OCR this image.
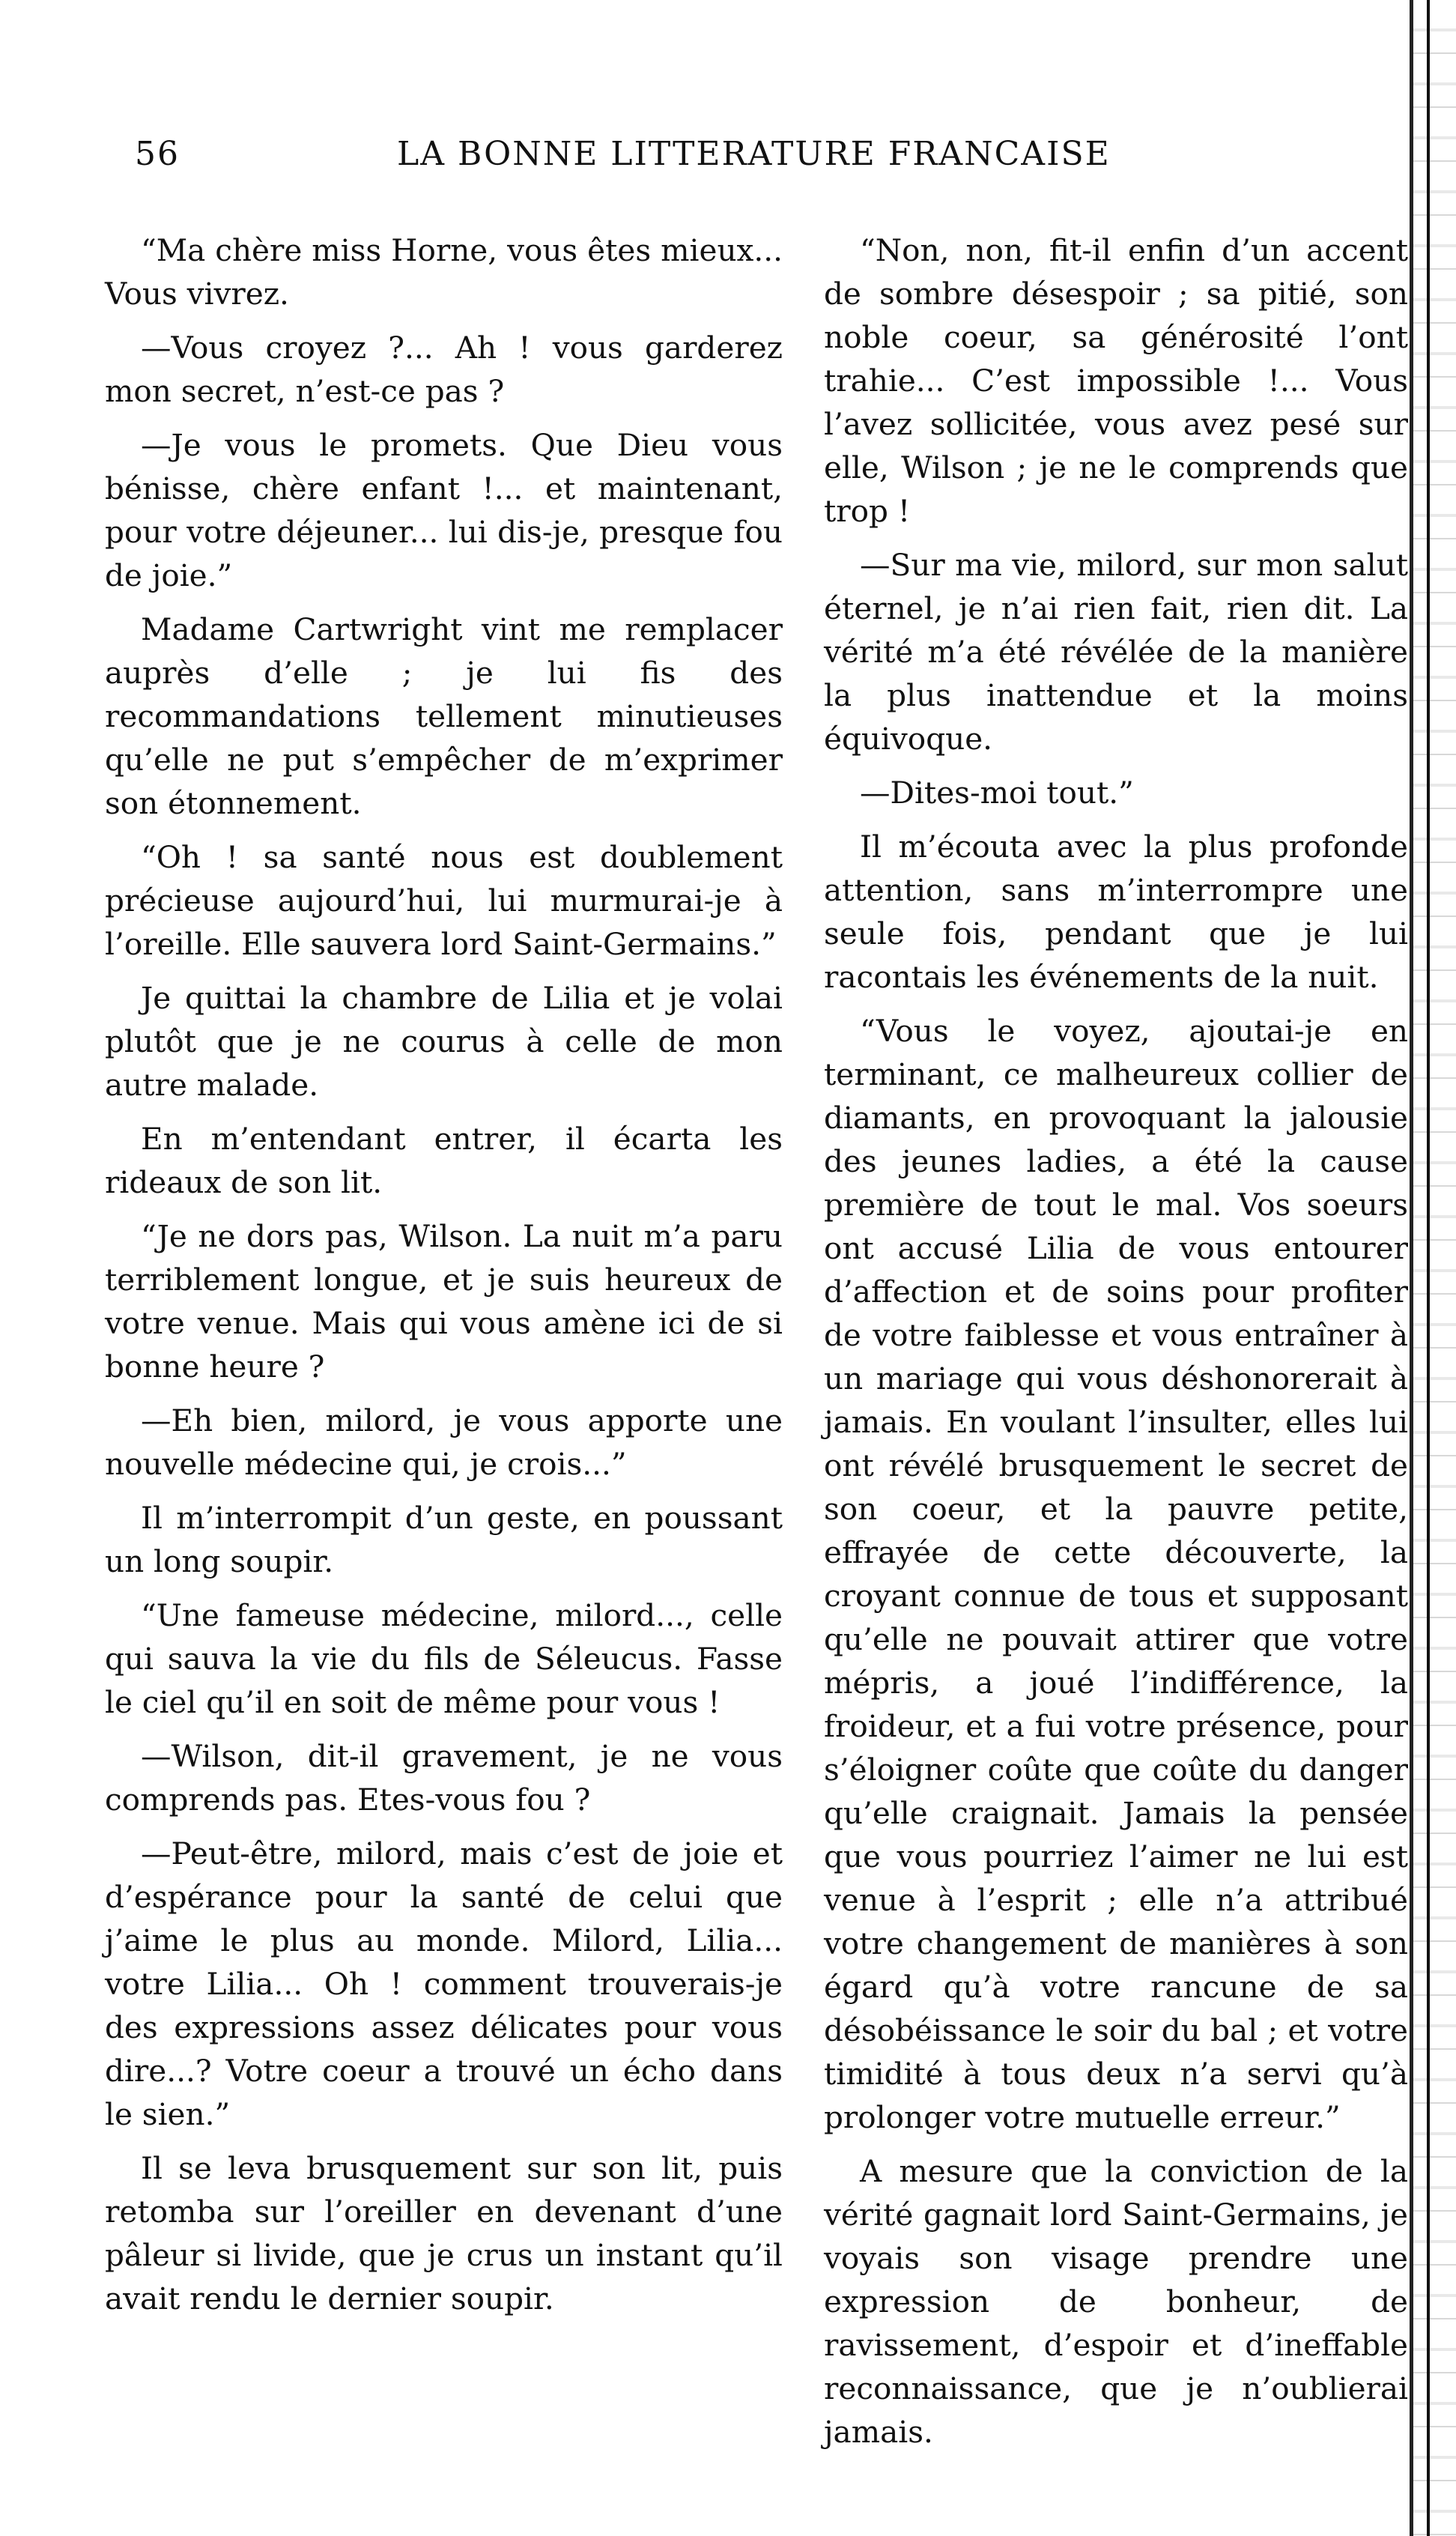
56	LA BONNE LITTERATURE FRANCAISE

“Ma chère miss Horne, vous êtes mieux... Vous vivrez.

—Vous croyez ?... Ah ! vous garderez mon secret, n’est-ce pas ?

—Je vous le promets. Que Dieu vous bénisse, chère enfant !... et maintenant, pour votre déjeuner... lui dis-je, presque fou de joie.”

Madame Cartwright vint me remplacer auprès d’elle ; je lui fis des recommandations tellement minutieuses qu’elle ne put s’empêcher de m’exprimer son étonnement.

“Oh ! sa santé nous est doublement précieuse aujourd’hui, lui murmurai-je à l’oreille. Elle sauvera lord Saint-Germains.”

Je quittai la chambre de Lilia et je volai plutôt que je ne courus à celle de mon autre malade.

En m’entendant entrer, il écarta les rideaux de son lit.

“Je ne dors pas, Wilson. La nuit m’a paru terriblement longue, et je suis heureux de votre venue. Mais qui vous amène ici de si bonne heure ?

—Eh bien, milord, je vous apporte une nouvelle médecine qui, je crois...”

Il m’interrompit d’un geste, en poussant un long soupir.

“Une fameuse médecine, milord..., celle qui sauva la vie du fils de Séleucus. Fasse le ciel qu’il en soit de même pour vous !

—Wilson, dit-il gravement, je ne vous comprends pas. Etes-vous fou ?

—Peut-être, milord, mais c’est de joie et d’espérance pour la santé de celui que j’aime le plus au monde. Milord, Lilia... votre Lilia... Oh ! comment trouverais-je des expressions assez délicates pour vous dire...? Votre coeur a trouvé un écho dans le sien.”

Il se leva brusquement sur son lit, puis retomba sur l’oreiller en devenant d’une pâleur si livide, que je crus un instant qu’il avait rendu le dernier soupir.

“Non, non, fit-il enfin d’un accent de sombre désespoir ; sa pitié, son noble coeur, sa générosité l’ont trahie... C’est impossible !... Vous l’avez sollicitée, vous avez pesé sur elle, Wilson ; je ne le comprends que trop !

—Sur ma vie, milord, sur mon salut éternel, je n’ai rien fait, rien dit. La vérité m’a été révélée de la manière la plus inattendue et la moins équivoque.

—Dites-moi tout.”

Il m’écouta avec la plus profonde attention, sans m’interrompre une seule fois, pendant que je lui racontais les événements de la nuit.

“Vous le voyez, ajoutai-je en terminant, ce malheureux collier de diamants, en provoquant la jalousie des jeunes ladies, a été la cause première de tout le mal. Vos soeurs ont accusé Lilia de vous entourer d’affection et de soins pour profiter de votre faiblesse et vous entraîner à un mariage qui vous déshonorerait à jamais. En voulant l’insulter, elles lui ont révélé brusquement le secret de son coeur, et la pauvre petite, effrayée de cette découverte, la croyant connue de tous et supposant qu’elle ne pouvait attirer que votre mépris, a joué l’indifférence, la froideur, et a fui votre présence, pour s’éloigner coûte que coûte du danger qu’elle craignait. Jamais la pensée que vous pourriez l’aimer ne lui est venue à l’esprit ; elle n’a attribué votre changement de manières à son égard qu’à votre rancune de sa désobéissance le soir du bal ; et votre timidité à tous deux n’a servi qu’à prolonger votre mutuelle erreur.”

A mesure que la conviction de la vérité gagnait lord Saint-Germains, je voyais son visage prendre une expression de bonheur, de ravissement, d’espoir et d’ineffable reconnaissance, que je n’oublierai jamais.
